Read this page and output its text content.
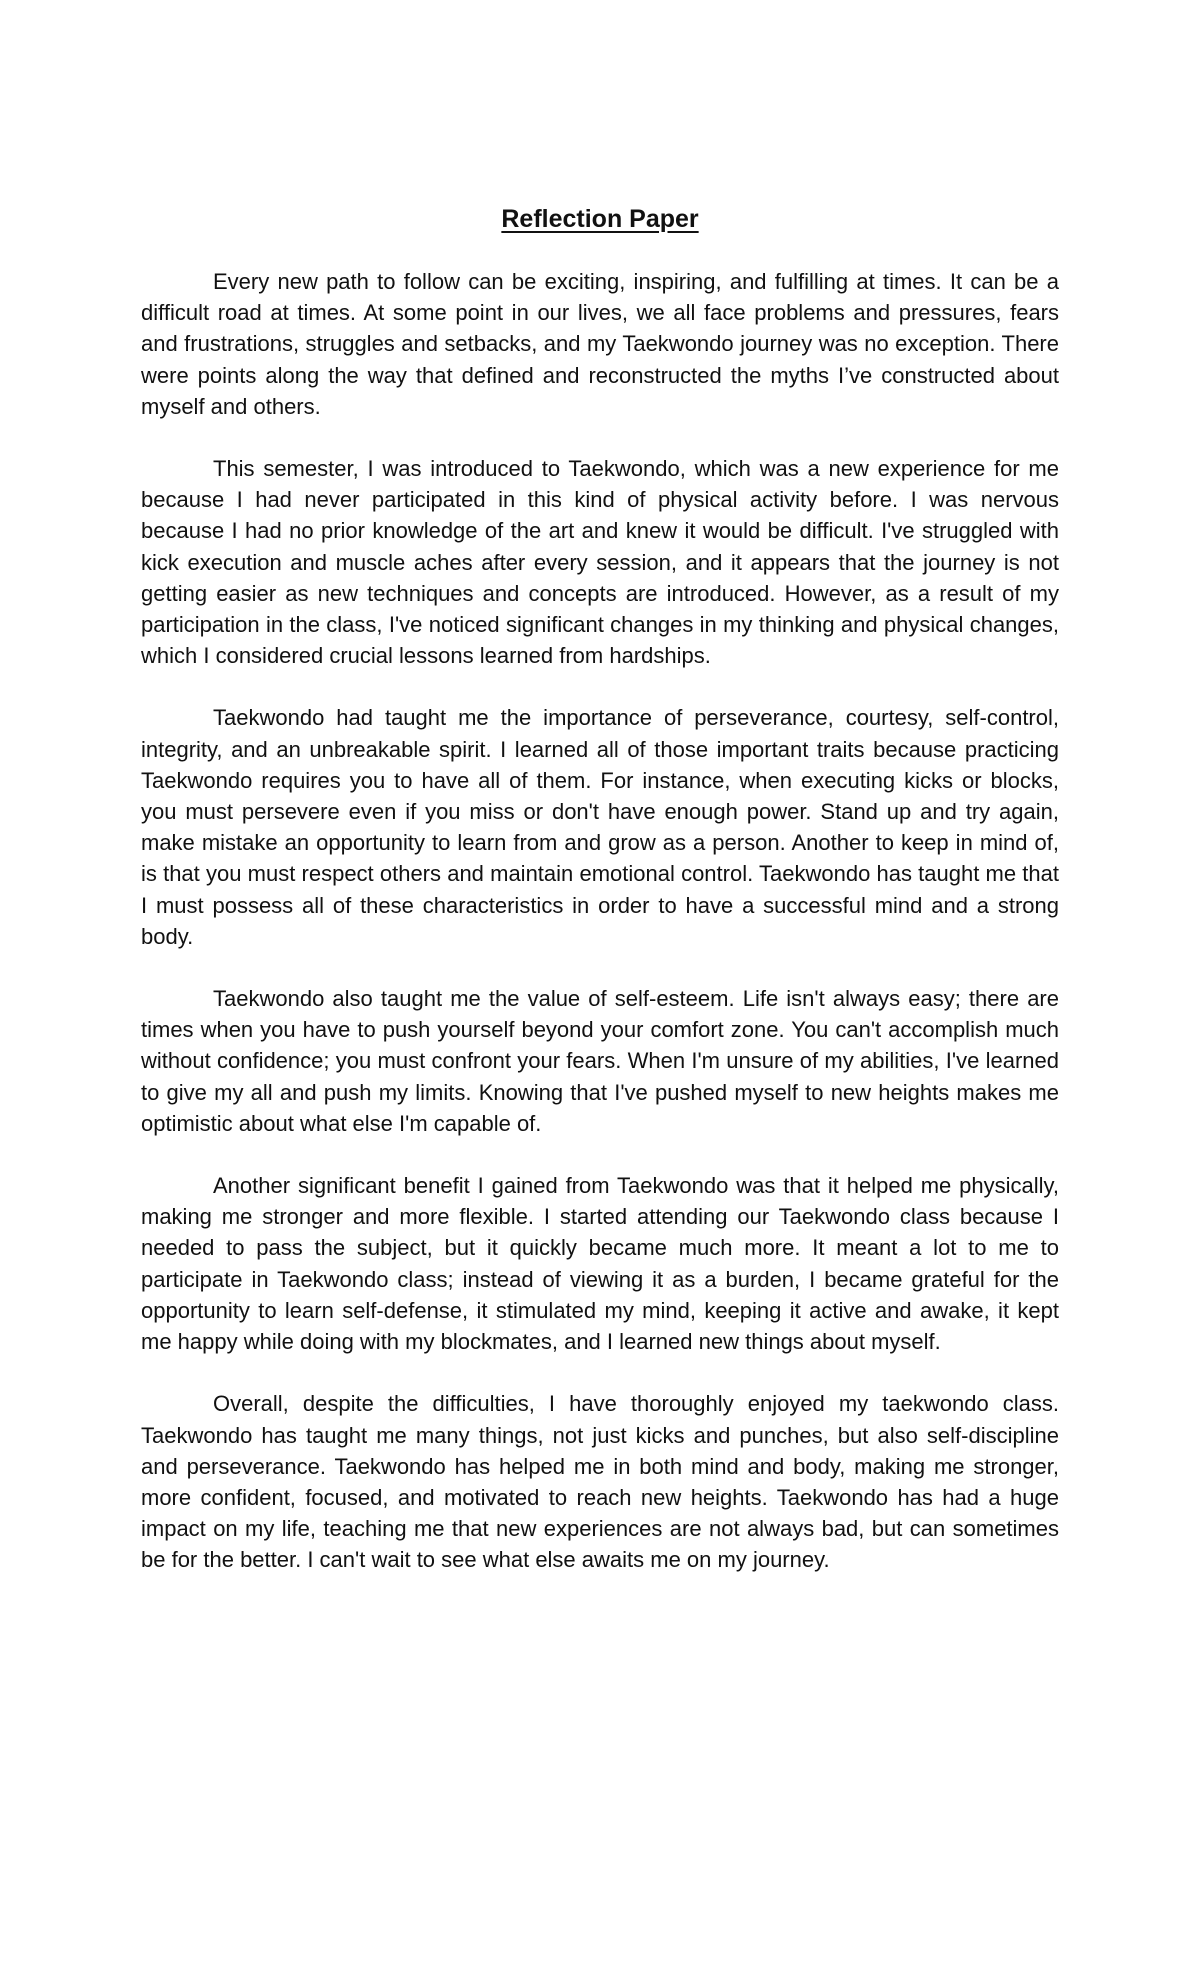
Reflection Paper

Every new path to follow can be exciting, inspiring, and fulfilling at times. It can be a difficult road at times. At some point in our lives, we all face problems and pressures, fears and frustrations, struggles and setbacks, and my Taekwondo journey was no exception. There were points along the way that defined and reconstructed the myths I’ve constructed about myself and others.

This semester, I was introduced to Taekwondo, which was a new experience for me because I had never participated in this kind of physical activity before. I was nervous because I had no prior knowledge of the art and knew it would be difficult. I've struggled with kick execution and muscle aches after every session, and it appears that the journey is not getting easier as new techniques and concepts are introduced. However, as a result of my participation in the class, I've noticed significant changes in my thinking and physical changes, which I considered crucial lessons learned from hardships.

Taekwondo had taught me the importance of perseverance, courtesy, self-control, integrity, and an unbreakable spirit. I learned all of those important traits because practicing Taekwondo requires you to have all of them. For instance, when executing kicks or blocks, you must persevere even if you miss or don't have enough power. Stand up and try again, make mistake an opportunity to learn from and grow as a person. Another to keep in mind of, is that you must respect others and maintain emotional control. Taekwondo has taught me that I must possess all of these characteristics in order to have a successful mind and a strong body.

Taekwondo also taught me the value of self-esteem. Life isn't always easy; there are times when you have to push yourself beyond your comfort zone. You can't accomplish much without confidence; you must confront your fears. When I'm unsure of my abilities, I've learned to give my all and push my limits. Knowing that I've pushed myself to new heights makes me optimistic about what else I'm capable of.

Another significant benefit I gained from Taekwondo was that it helped me physically, making me stronger and more flexible. I started attending our Taekwondo class because I needed to pass the subject, but it quickly became much more. It meant a lot to me to participate in Taekwondo class; instead of viewing it as a burden, I became grateful for the opportunity to learn self-defense, it stimulated my mind, keeping it active and awake, it kept me happy while doing with my blockmates, and I learned new things about myself.

Overall, despite the difficulties, I have thoroughly enjoyed my taekwondo class. Taekwondo has taught me many things, not just kicks and punches, but also self-discipline and perseverance. Taekwondo has helped me in both mind and body, making me stronger, more confident, focused, and motivated to reach new heights. Taekwondo has had a huge impact on my life, teaching me that new experiences are not always bad, but can sometimes be for the better. I can't wait to see what else awaits me on my journey.
